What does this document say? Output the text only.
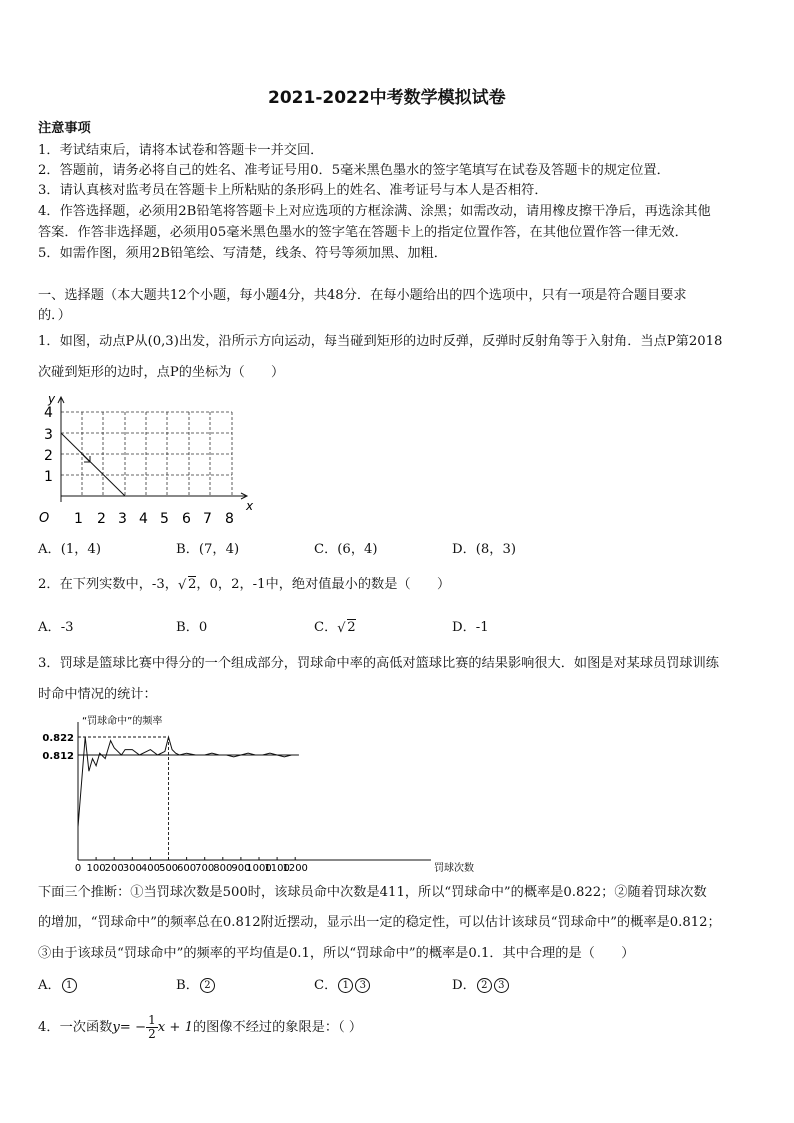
2021-2022中考数学模拟试卷
注意事项
1．考试结束后，请将本试卷和答题卡一并交回．
2．答题前，请务必将自己的姓名、准考证号用0．5毫米黑色墨水的签字笔填写在试卷及答题卡的规定位置．
3．请认真核对监考员在答题卡上所粘贴的条形码上的姓名、准考证号与本人是否相符．
4．作答选择题，必须用2B铅笔将答题卡上对应选项的方框涂满、涂黑；如需改动，请用橡皮擦干净后，再选涂其他
答案．作答非选择题，必须用05毫米黑色墨水的签字笔在答题卡上的指定位置作答，在其他位置作答一律无效．
5．如需作图，须用2B铅笔绘、写清楚，线条、符号等须加黑、加粗．
一、选择题（本大题共12个小题，每小题4分，共48分．在每小题给出的四个选项中，只有一项是符合题目要求
的．）
1．如图，动点P从(0,3)出发，沿所示方向运动，每当碰到矩形的边时反弹，反弹时反射角等于入射角．当点P第2018
次碰到矩形的边时，点P的坐标为（　　）
y
x
O
4
3
2
1
1 2 3 4 5 6 7 8
A．(1，4)	B．(7，4)	C．(6，4)	D．(8，3)
2．在下列实数中，-3， √ 2，0，2，-1中，绝对值最小的数是（　　）
A．-3	B．0	C． √ 2	D．-1
3．罚球是篮球比赛中得分的一个组成部分，罚球命中率的高低对篮球比赛的结果影响很大．如图是对某球员罚球训练
时命中情况的统计：
“罚球命中”的频率
罚球次数
0 100 200 300 400 500 600 700 800 900
1000
1100
1200
0.822
0.812
下面三个推断：①当罚球次数是500时，该球员命中次数是411，所以“罚球命中”的概率是0.822；②随着罚球次数
的增加，“罚球命中”的频率总在0.812附近摆动，显示出一定的稳定性，可以估计该球员“罚球命中”的概率是0.812；
③由于该球员“罚球命中”的频率的平均值是0.1，所以“罚球命中”的概率是0.1．其中合理的是（　　）
A． 1	B． 2	C． 1 3	D． 2 3
4．一次函数$y= - \frac{1}{2}$ x + 1的图像不经过的象限是：（ ）
